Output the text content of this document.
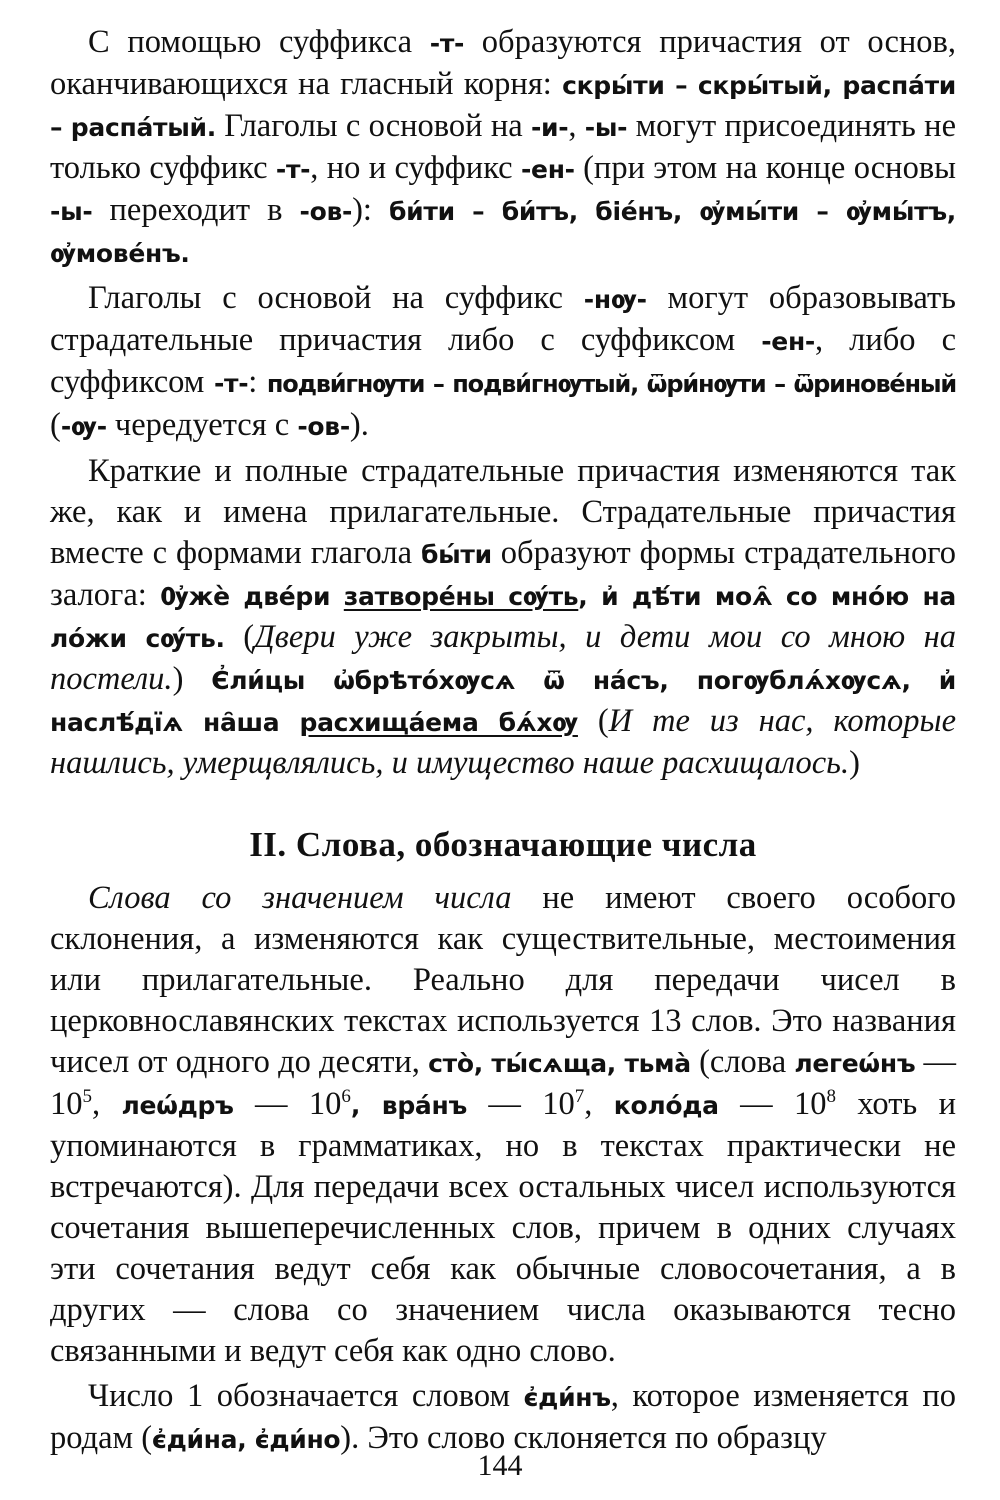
С помощью суффикса -т- образуются причастия от основ, оканчивающихся на гласный корня: скры́ти – скры́тый, распа́ти – распа́тый. Глаголы с основой на -и-, -ы- могут присоединять не только суффикс -т-, но и суффикс -ен- (при этом на конце основы -ы- переходит в -ов-): би́ти – би́тъ, біе́нъ, ѹ҆мы́ти – ѹ҆мы́тъ, ѹ҆мове́нъ.

Глаголы с основой на суффикс -нѹ- могут образовывать страдательные причастия либо с суффиксом -ен-, либо с суффиксом -т-: подви́гнѹти – подви́гнѹтый, ѿри́нѹти – ѿринове́ный (-ѹ- чередуется с -ов-).

Краткие и полные страдательные причастия изменяются так же, как и имена прилагательные. Страдательные причастия вместе с формами глагола бы́ти образуют формы страдательного залога: Ѹ҆жѐ две́ри затворе́ны сѹ́ть, и҆ дѣ́ти моѧ̑ со мно́ю на ло́жи сѹ́ть. (Двери уже закрыты, и дети мои со мною на постели.) Є҆ли́цы ѡ҆брѣто́хѹсѧ ѿ на́съ, погѹблѧ́хѹсѧ, и҆ наслѣ́дїѧ на̑ша расхища́ема бѧ́хѹ (И те из нас, которые нашлись, умерщвлялись, и имущество наше расхищалось.)

II. Слова, обозначающие числа

Слова со значением числа не имеют своего особого склонения, а изменяются как существительные, местоимения или прилагательные. Реально для передачи чисел в церковнославянских текстах используется 13 слов. Это названия чисел от одного до десяти, сто̀, ты́сѧща, тьма̀ (слова легеѡ́нъ — $10^5$, леѡ́дръ — $10^6$, вра́нъ — $10^7$, коло́да — $10^8$ хоть и упоминаются в грамматиках, но в текстах практически не встречаются). Для передачи всех остальных чисел используются сочетания вышеперечисленных слов, причем в одних случаях эти сочетания ведут себя как обычные словосочетания, а в других — слова со значением числа оказываются тесно связанными и ведут себя как одно слово.

Число 1 обозначается словом є҆ди́нъ, которое изменяется по родам (є҆ди́на, є҆ди́но). Это слово склоняется по образцу

144
